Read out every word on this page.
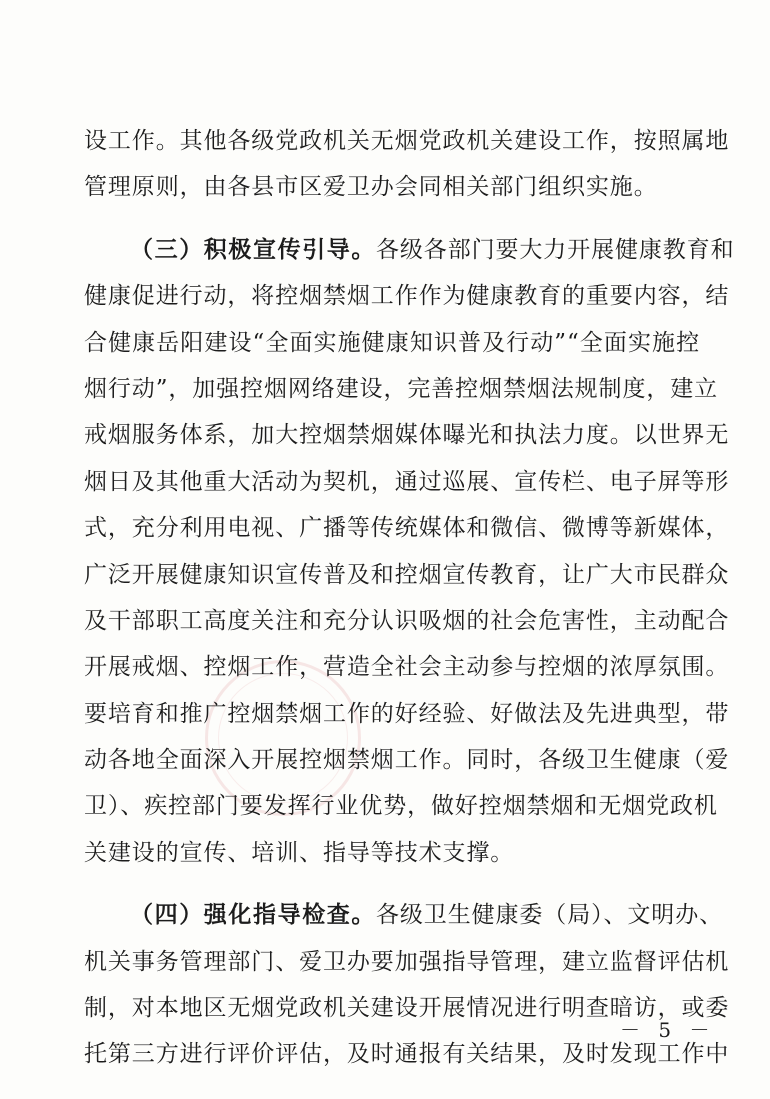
设工作。其他各级党政机关无烟党政机关建设工作，按照属地
管理原则，由各县市区爱卫办会同相关部门组织实施。
（三）积极宣传引导。各级各部门要大力开展健康教育和
健康促进行动，将控烟禁烟工作作为健康教育的重要内容，结
合健康岳阳建设“全面实施健康知识普及行动”“全面实施控
烟行动”，加强控烟网络建设，完善控烟禁烟法规制度，建立
戒烟服务体系，加大控烟禁烟媒体曝光和执法力度。以世界无
烟日及其他重大活动为契机，通过巡展、宣传栏、电子屏等形
式，充分利用电视、广播等传统媒体和微信、微博等新媒体，
广泛开展健康知识宣传普及和控烟宣传教育，让广大市民群众
及干部职工高度关注和充分认识吸烟的社会危害性，主动配合
开展戒烟、控烟工作，营造全社会主动参与控烟的浓厚氛围。
要培育和推广控烟禁烟工作的好经验、好做法及先进典型，带
动各地全面深入开展控烟禁烟工作。同时，各级卫生健康（爱
卫）、疾控部门要发挥行业优势，做好控烟禁烟和无烟党政机
关建设的宣传、培训、指导等技术支撑。
（四）强化指导检查。各级卫生健康委（局）、文明办、
机关事务管理部门、爱卫办要加强指导管理，建立监督评估机
制，对本地区无烟党政机关建设开展情况进行明查暗访，或委
托第三方进行评价评估，及时通报有关结果，及时发现工作中
－ 5 －
